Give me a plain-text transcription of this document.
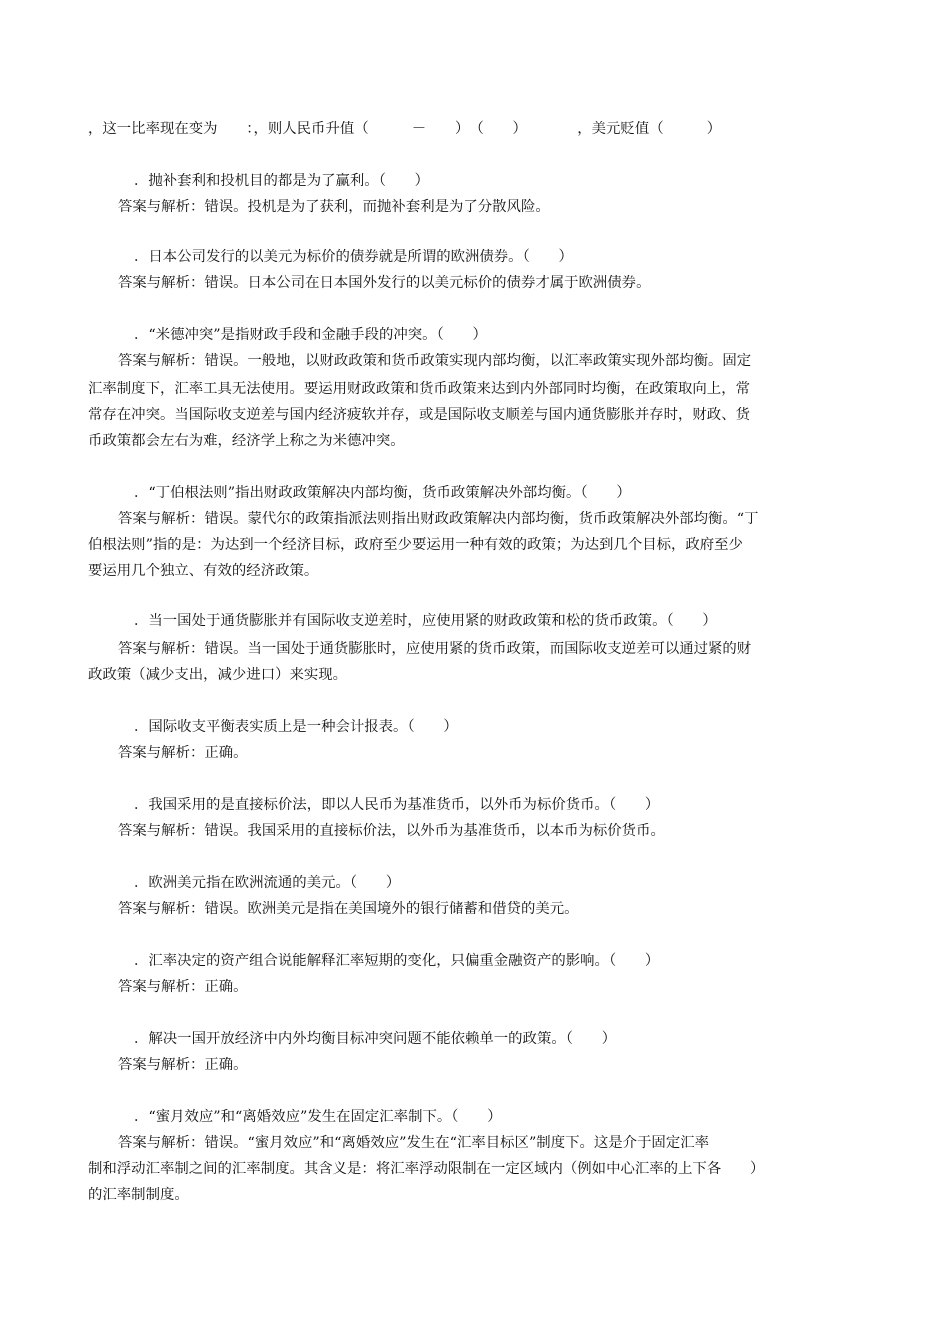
，这一比率现在变为　　：，则人民币升值（　　　－　　）　（　　）　　　　，美元贬值（　　　）
．抛补套利和投机目的都是为了赢利。（　　）
答案与解析：错误。投机是为了获利，而抛补套利是为了分散风险。
．日本公司发行的以美元为标价的债券就是所谓的欧洲债券。（　　）
答案与解析：错误。日本公司在日本国外发行的以美元标价的债券才属于欧洲债券。
．“米德冲突”是指财政手段和金融手段的冲突。（　　）
答案与解析：错误。一般地，以财政政策和货币政策实现内部均衡，以汇率政策实现外部均衡。固定
汇率制度下，汇率工具无法使用。要运用财政政策和货币政策来达到内外部同时均衡，在政策取向上，常
常存在冲突。当国际收支逆差与国内经济疲软并存，或是国际收支顺差与国内通货膨胀并存时，财政、货
币政策都会左右为难，经济学上称之为米德冲突。
．“丁伯根法则”指出财政政策解决内部均衡，货币政策解决外部均衡。（　　）
答案与解析：错误。蒙代尔的政策指派法则指出财政政策解决内部均衡，货币政策解决外部均衡。“丁
伯根法则”指的是：为达到一个经济目标，政府至少要运用一种有效的政策；为达到几个目标，政府至少
要运用几个独立、有效的经济政策。
．当一国处于通货膨胀并有国际收支逆差时，应使用紧的财政政策和松的货币政策。（　　）
答案与解析：错误。当一国处于通货膨胀时，应使用紧的货币政策，而国际收支逆差可以通过紧的财
政政策（减少支出，减少进口）来实现。
．国际收支平衡表实质上是一种会计报表。（　　）
答案与解析：正确。
．我国采用的是直接标价法，即以人民币为基准货币，以外币为标价货币。（　　）
答案与解析：错误。我国采用的直接标价法，以外币为基准货币，以本币为标价货币。
．欧洲美元指在欧洲流通的美元。（　　）
答案与解析：错误。欧洲美元是指在美国境外的银行储蓄和借贷的美元。
．汇率决定的资产组合说能解释汇率短期的变化，只偏重金融资产的影响。（　　）
答案与解析：正确。
．解决一国开放经济中内外均衡目标冲突问题不能依赖单一的政策。（　　）
答案与解析：正确。
．“蜜月效应”和“离婚效应”发生在固定汇率制下。（　　）
答案与解析：错误。“蜜月效应”和“离婚效应”发生在“汇率目标区”制度下。这是介于固定汇率
制和浮动汇率制之间的汇率制度。其含义是：将汇率浮动限制在一定区域内（例如中心汇率的上下各　　）
的汇率制制度。
